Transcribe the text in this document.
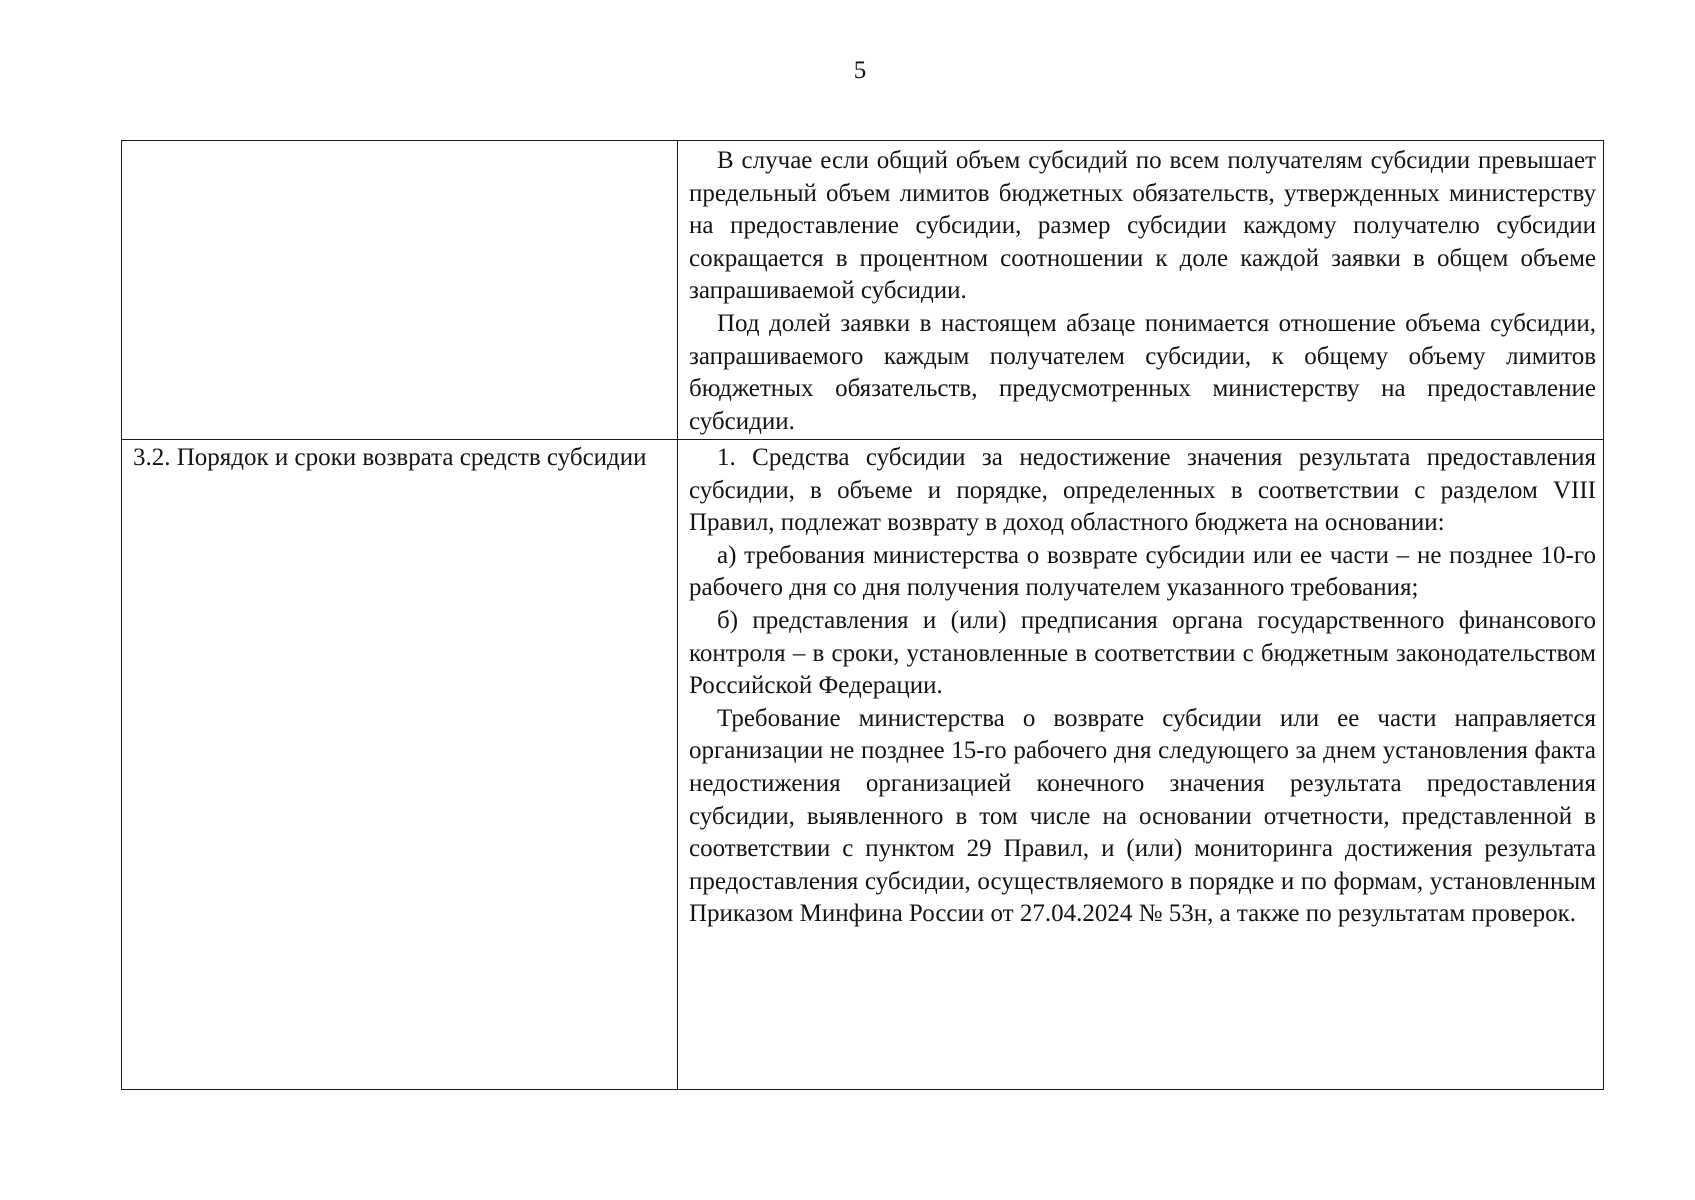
5

	В случае если общий объем субсидий по всем получателям субсидии превышает предельный объем лимитов бюджетных обязательств, утвержденных министерству на предоставление субсидии, размер субсидии каждому получателю субсидии сокращается в процентном соотношении к доле каждой заявки в общем объеме запрашиваемой субсидии.

Под долей заявки в настоящем абзаце понимается отношение объема субсидии, запрашиваемого каждым получателем субсидии, к общему объему лимитов бюджетных обязательств, предусмотренных министерству на предоставление субсидии.

3.2. Порядок и сроки возврата средств субсидии	1. Средства субсидии за недостижение значения результата предоставления субсидии, в объеме и порядке, определенных в соответствии с разделом VIII Правил, подлежат возврату в доход областного бюджета на основании:

а) требования министерства о возврате субсидии или ее части – не позднее 10-го рабочего дня со дня получения получателем указанного требования;

б) представления и (или) предписания органа государственного финансового контроля – в сроки, установленные в соответствии с бюджетным законодательством Российской Федерации.

Требование министерства о возврате субсидии или ее части направляется организации не позднее 15-го рабочего дня следующего за днем установления факта недостижения организацией конечного значения результата предоставления субсидии, выявленного в том числе на основании отчетности, представленной в соответствии с пунктом 29 Правил, и (или) мониторинга достижения результата предоставления субсидии, осуществляемого в порядке и по формам, установленным Приказом Минфина России от 27.04.2024 № 53н, а также по результатам проверок.
